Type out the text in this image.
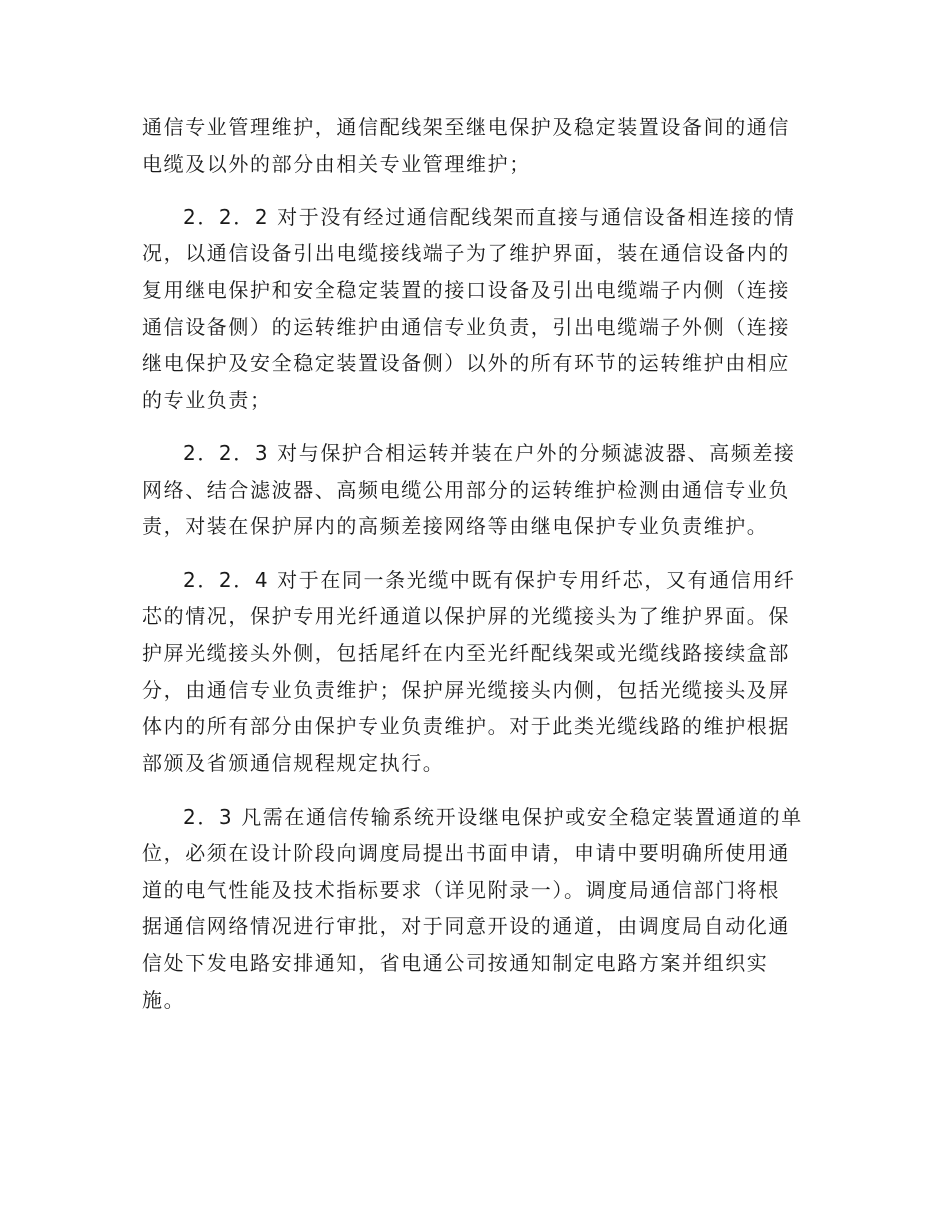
通信专业管理维护，通信配线架至继电保护及稳定装置设备间的通信
电缆及以外的部分由相关专业管理维护；
2．2．2 对于没有经过通信配线架而直接与通信设备相连接的情
况，以通信设备引出电缆接线端子为了维护界面，装在通信设备内的
复用继电保护和安全稳定装置的接口设备及引出电缆端子内侧（连接
通信设备侧）的运转维护由通信专业负责，引出电缆端子外侧（连接
继电保护及安全稳定装置设备侧）以外的所有环节的运转维护由相应
的专业负责；
2．2．3 对与保护合相运转并装在户外的分频滤波器、高频差接
网络、结合滤波器、高频电缆公用部分的运转维护检测由通信专业负
责，对装在保护屏内的高频差接网络等由继电保护专业负责维护。
2．2．4 对于在同一条光缆中既有保护专用纤芯，又有通信用纤
芯的情况，保护专用光纤通道以保护屏的光缆接头为了维护界面。保
护屏光缆接头外侧，包括尾纤在内至光纤配线架或光缆线路接续盒部
分，由通信专业负责维护；保护屏光缆接头内侧，包括光缆接头及屏
体内的所有部分由保护专业负责维护。对于此类光缆线路的维护根据
部颁及省颁通信规程规定执行。
2．3 凡需在通信传输系统开设继电保护或安全稳定装置通道的单
位，必须在设计阶段向调度局提出书面申请，申请中要明确所使用通
道的电气性能及技术指标要求（详见附录一）。调度局通信部门将根
据通信网络情况进行审批，对于同意开设的通道，由调度局自动化通
信处下发电路安排通知，省电通公司按通知制定电路方案并组织实
施。
